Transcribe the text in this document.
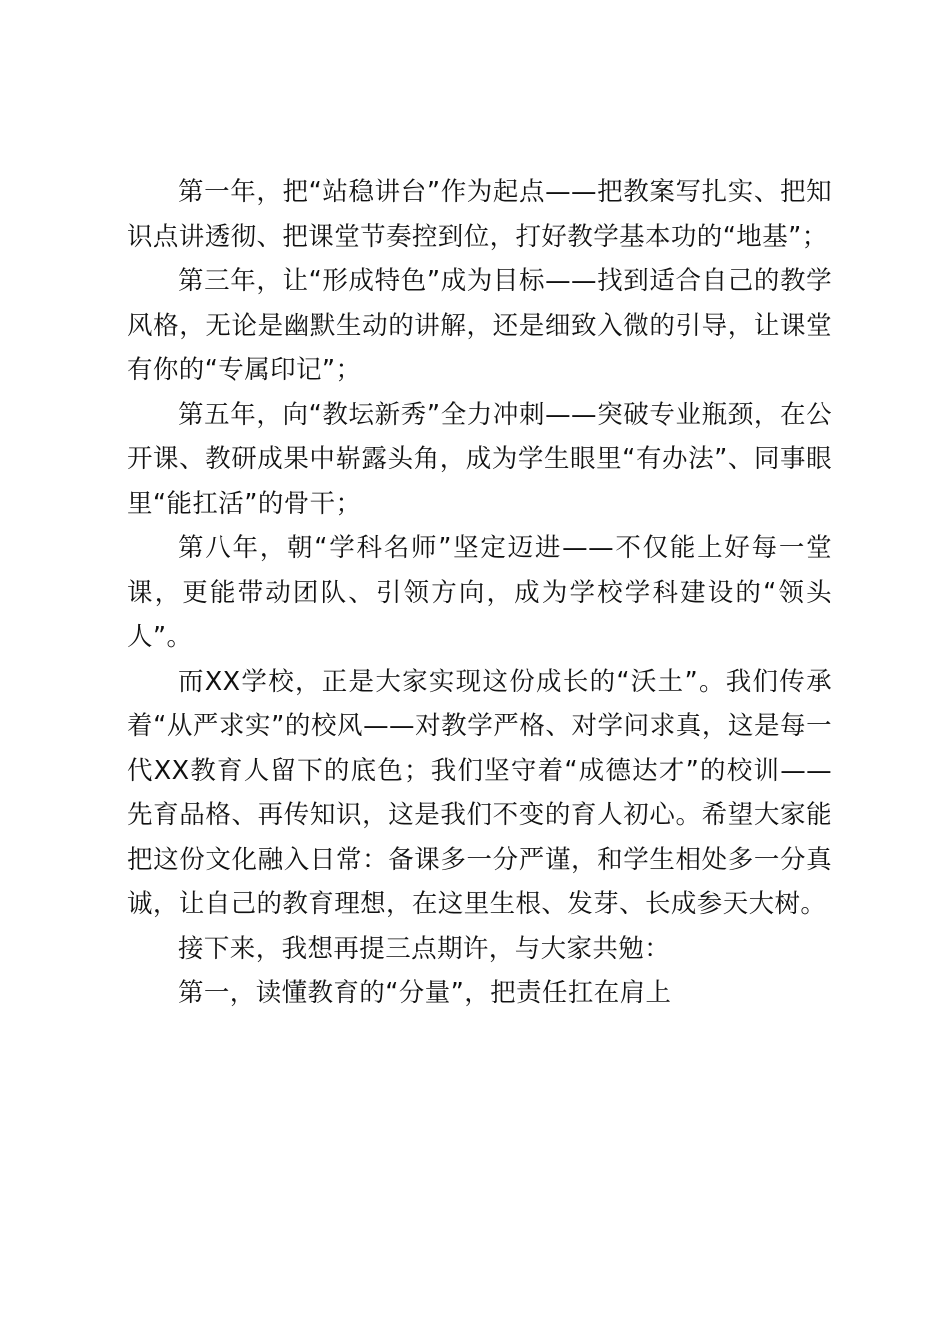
第一年，把“站稳讲台”作为起点——把教案写扎实、把知识点讲透彻、把课堂节奏控到位，打好教学基本功的“地基”；

第三年，让“形成特色”成为目标——找到适合自己的教学风格，无论是幽默生动的讲解，还是细致入微的引导，让课堂有你的“专属印记”；

第五年，向“教坛新秀”全力冲刺——突破专业瓶颈，在公开课、教研成果中崭露头角，成为学生眼里“有办法”、同事眼里“能扛活”的骨干；

第八年，朝“学科名师”坚定迈进——不仅能上好每一堂课，更能带动团队、引领方向，成为学校学科建设的“领头人”。

而XX学校，正是大家实现这份成长的“沃土”。我们传承着“从严求实”的校风——对教学严格、对学问求真，这是每一代XX教育人留下的底色；我们坚守着“成德达才”的校训——先育品格、再传知识，这是我们不变的育人初心。希望大家能把这份文化融入日常：备课多一分严谨，和学生相处多一分真诚，让自己的教育理想，在这里生根、发芽、长成参天大树。

接下来，我想再提三点期许，与大家共勉：

第一，读懂教育的“分量”，把责任扛在肩上
